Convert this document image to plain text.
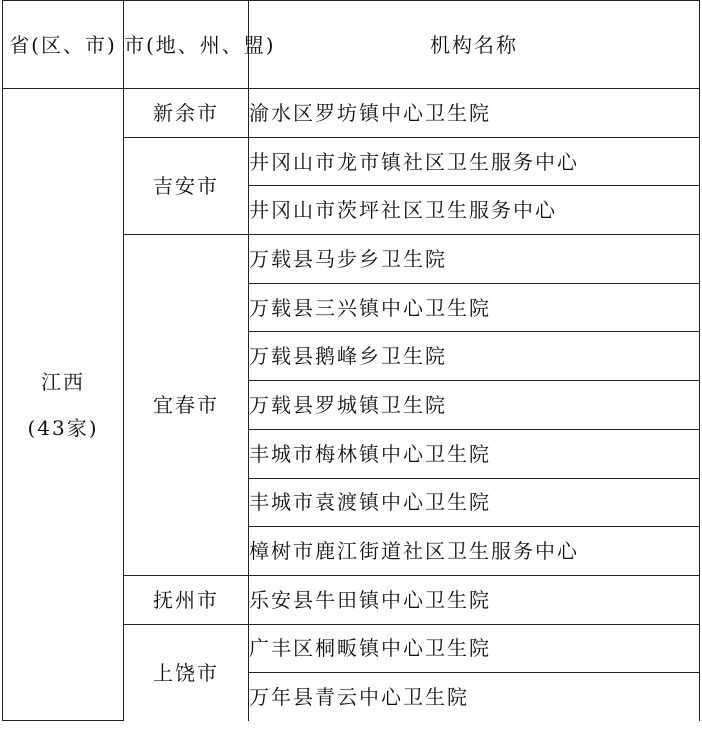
省(区、市)	市(地、州、盟)	机构名称

江西
(43家)	新余市	渝水区罗坊镇中心卫生院
	吉安市	井冈山市龙市镇社区卫生服务中心
		井冈山市茨坪社区卫生服务中心
	宜春市	万载县马步乡卫生院
		万载县三兴镇中心卫生院
		万载县鹅峰乡卫生院
		万载县罗城镇卫生院
		丰城市梅林镇中心卫生院
		丰城市袁渡镇中心卫生院
		樟树市鹿江街道社区卫生服务中心
	抚州市	乐安县牛田镇中心卫生院
	上饶市	广丰区桐畈镇中心卫生院
		万年县青云中心卫生院
